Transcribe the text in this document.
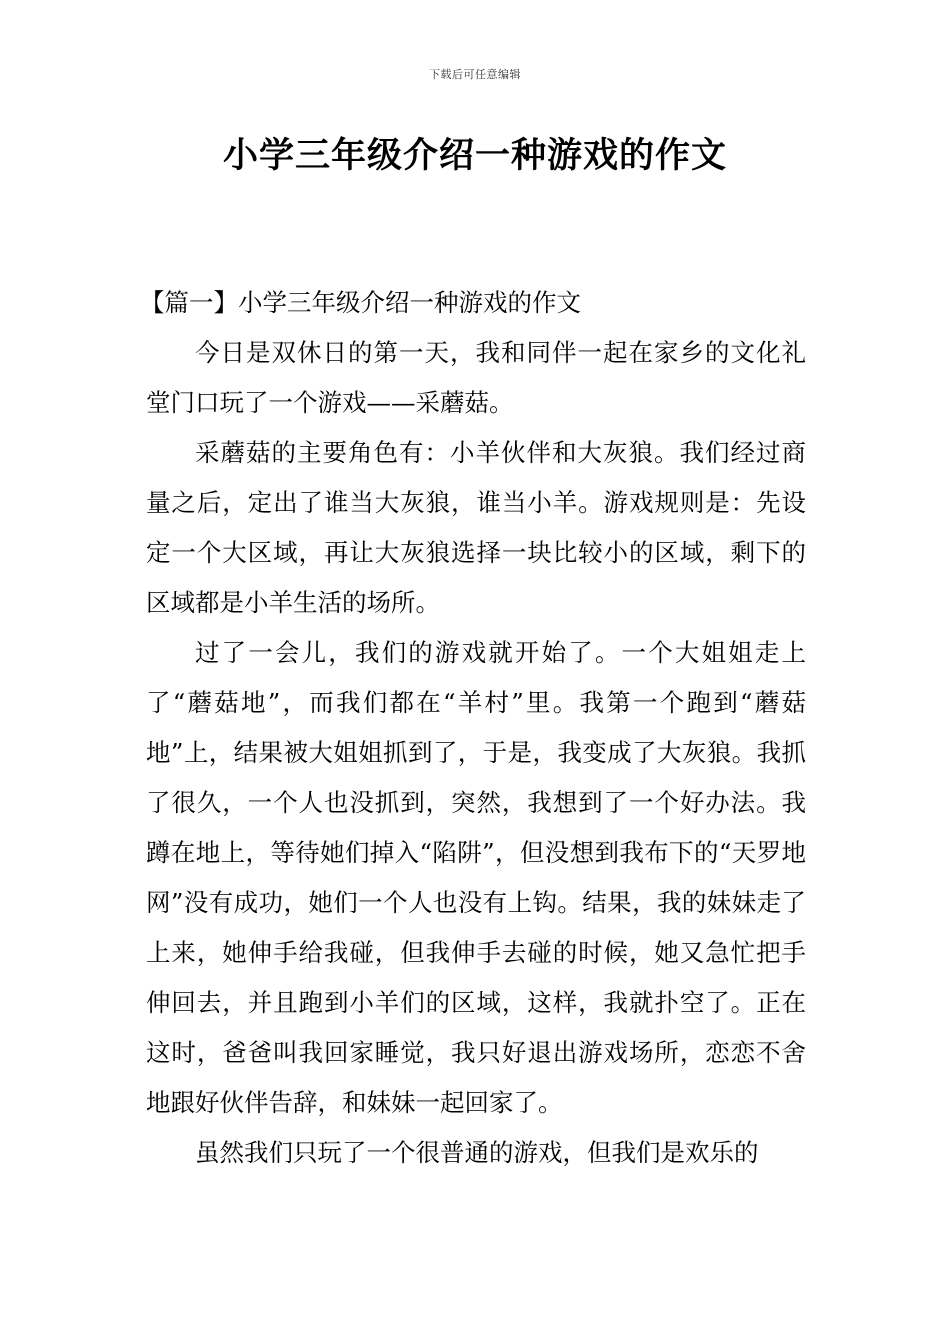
下载后可任意编辑
小学三年级介绍一种游戏的作文

【篇一】小学三年级介绍一种游戏的作文

今日是双休日的第一天，我和同伴一起在家乡的文化礼堂门口玩了一个游戏——采蘑菇。

采蘑菇的主要角色有：小羊伙伴和大灰狼。我们经过商量之后，定出了谁当大灰狼，谁当小羊。游戏规则是：先设定一个大区域，再让大灰狼选择一块比较小的区域，剩下的区域都是小羊生活的场所。

过了一会儿，我们的游戏就开始了。一个大姐姐走上了“蘑菇地”，而我们都在“羊村”里。我第一个跑到“蘑菇地”上，结果被大姐姐抓到了，于是，我变成了大灰狼。我抓了很久，一个人也没抓到，突然，我想到了一个好办法。我蹲在地上，等待她们掉入“陷阱”，但没想到我布下的“天罗地网”没有成功，她们一个人也没有上钩。结果，我的妹妹走了上来，她伸手给我碰，但我伸手去碰的时候，她又急忙把手伸回去，并且跑到小羊们的区域，这样，我就扑空了。正在这时，爸爸叫我回家睡觉，我只好退出游戏场所，恋恋不舍地跟好伙伴告辞，和妹妹一起回家了。

虽然我们只玩了一个很普通的游戏，但我们是欢乐的
